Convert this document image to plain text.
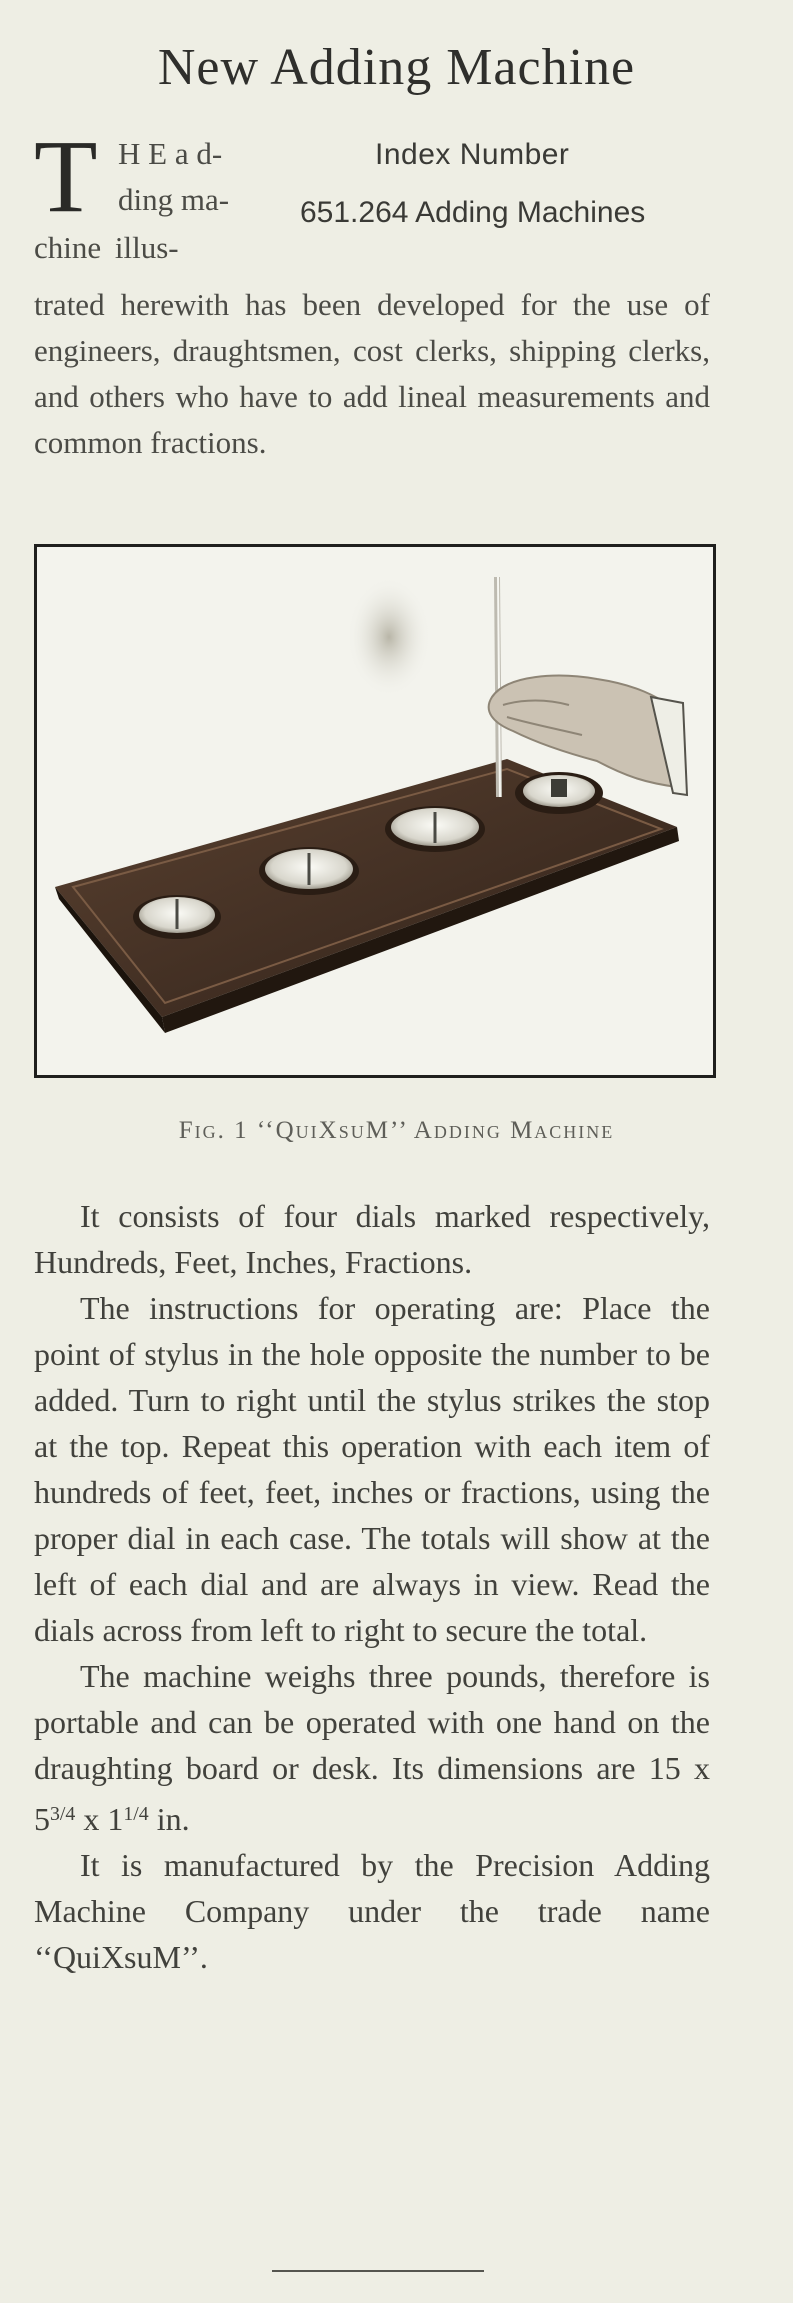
New Adding Machine
T H E a d-
ding ma-
chine illus-
Index Number
651.264 Adding Machines
trated herewith has been developed for the use of engineers, draughtsmen, cost clerks, shipping clerks, and others who have to add lineal measurements and common fractions.
Fig. 1 ‘‘QuiXsuM’’ Adding Machine

It consists of four dials marked respectively, Hundreds, Feet, Inches, Fractions.

The instructions for operating are: Place the point of stylus in the hole opposite the number to be added. Turn to right until the stylus strikes the stop at the top. Repeat this operation with each item of hundreds of feet, feet, inches or fractions, using the proper dial in each case. The totals will show at the left of each dial and are always in view. Read the dials across from left to right to secure the total.

The machine weighs three pounds, therefore is portable and can be operated with one hand on the draughting board or desk. Its dimensions are 15 x $5^{3/4}$ x $1^{1/4}$ in.

It is manufactured by the Precision Adding Machine Company under the trade name ‘‘QuiXsuM’’.
